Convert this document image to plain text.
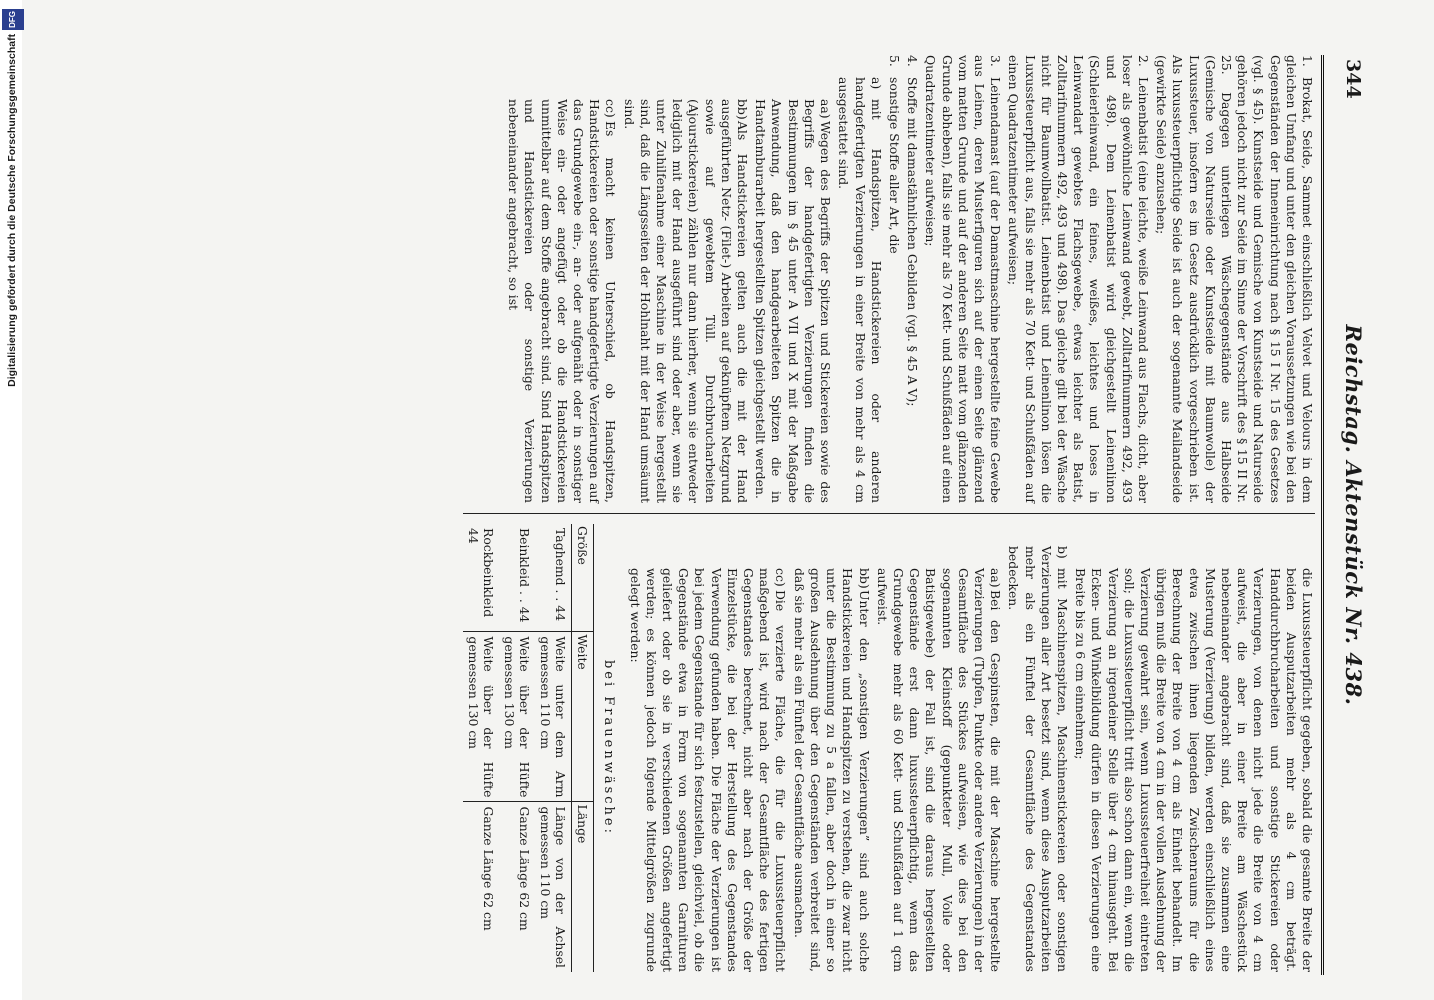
Digitalisierung gefördert durch die Deutsche ForschungsgemeinschaftDFG
344
Reichstag. Aktenstück Nr. 438.
1.Brokat, Seide, Sammet einschließlich Velvet und Velours in dem gleichen Umfang und unter den gleichen Voraussetzungen wie bei den Gegenständen der Inneneinrichtung nach § 15 I Nr. 15 des Gesetzes (vgl. § 45). Kunstseide und Gemische von Kunstseide und Naturseide gehören jedoch nicht zur Seide im Sinne der Vorschrift des § 15 II Nr. 25. Dagegen unterliegen Wäschegegenstände aus Halbseide (Gemische von Naturseide oder Kunstseide mit Baumwolle) der Luxussteuer, insofern es im Gesetz ausdrücklich vorgeschrieben ist. Als luxussteuerpflichtige Seide ist auch der sogenannte Mailandseide (gewirkte Seide) anzusehen;
2.Leinenbatist (eine leichte, weiße Leinwand aus Flachs, dicht, aber loser als gewöhnliche Leinwand gewebt, Zolltarifnummern 492, 493 und 498). Dem Leinenbatist wird gleichgestellt Leinenlinon (Schleierleinwand, ein feines, weißes, leichtes und loses in Leinwandart gewebtes Flachsgewebe, etwas leichter als Batist, Zolltarifnummern 492, 493 und 498). Das gleiche gilt bei der Wäsche nicht für Baumwollbatist. Leinenbatist und Leinenlinon lösen die Luxussteuerpflicht aus, falls sie mehr als 70 Kett- und Schußfäden auf einen Quadratzentimeter aufweisen;
3.Leinendamast (auf der Damastmaschine hergestellte feine Gewebe aus Leinen, deren Musterfiguren sich auf der einen Seite glänzend vom matten Grunde und auf der anderen Seite matt vom glänzenden Grunde abheben), falls sie mehr als 70 Kett- und Schußfäden auf einen Quadratzentimeter aufweisen;
4.Stoffe mit damastähnlichen Gebilden (vgl. § 45 A V);
5.sonstige Stoffe aller Art, die
a)mit Handspitzen, Handstickereien oder anderen handgefertigten Verzierungen in einer Breite von mehr als 4 cm ausgestattet sind.
aa)Wegen des Begriffs der Spitzen und Stickereien sowie des Begriffs der handgefertigten Verzierungen finden die Bestimmungen im § 45 unter A VII und X mit der Maßgabe Anwendung, daß den handgearbeiteten Spitzen die in Handtamburarbeit hergestellten Spitzen gleichgestellt werden.
bb)Als Handstickereien gelten auch die mit der Hand ausgeführten Netz- (Filet-) Arbeiten auf geknüpftem Netzgrund sowie auf gewebtem Tüll. Durchbrucharbeiten (Ajourstickereien) zählen nur dann hierher, wenn sie entweder lediglich mit der Hand ausgeführt sind oder aber, wenn sie unter Zuhilfenahme einer Maschine in der Weise hergestellt sind, daß die Längsseiten der Hohlnaht mit der Hand umsäumt sind.
cc)Es macht keinen Unterschied, ob Handspitzen, Handstickereien oder sonstige handgefertigte Verzierungen auf das Grundgewebe ein-, an- oder aufgenäht oder in sonstiger Weise ein- oder angefügt oder ob die Handstickereien unmittelbar auf dem Stoffe angebracht sind. Sind Handspitzen und Handstickereien oder sonstige Verzierungen nebeneinander angebracht, so ist
die Luxussteuerpflicht gegeben, sobald die gesamte Breite der beiden Ausputzarbeiten mehr als 4 cm beträgt. Handdurchbrucharbeiten und sonstige Stickereien oder Verzierungen, von denen nicht jede die Breite von 4 cm aufweist, die aber in einer Breite am Wäschestück nebeneinander angebracht sind, daß sie zusammen eine Musterung (Verzierung) bilden, werden einschließlich eines etwa zwischen ihnen liegenden Zwischenraums für die Berechnung der Breite von 4 cm als Einheit behandelt. Im übrigen muß die Breite von 4 cm in der vollen Ausdehnung der Verzierung gewahrt sein, wenn Luxussteuerfreiheit eintreten soll; die Luxussteuerpflicht tritt also schon dann ein, wenn die Verzierung an irgendeiner Stelle über 4 cm hinausgeht. Bei Ecken- und Winkelbildung dürfen in diesen Verzierungen eine Breite bis zu 6 cm einnehmen;
b)mit Maschinenspitzen, Maschinenstickereien oder sonstigen Verzierungen aller Art besetzt sind, wenn diese Ausputzarbeiten mehr als ein Fünftel der Gesamtfläche des Gegenstandes bedecken.
aa)Bei den Gespinsten, die mit der Maschine hergestellte Verzierungen (Tupfen, Punkte oder andere Verzierungen) in der Gesamtfläche des Stückes aufweisen, wie dies bei den sogenannten Kleinstoff (gepunkteter Mull, Voile oder Batistgewebe) der Fall ist, sind die daraus hergestellten Gegenstände erst dann luxussteuerpflichtig, wenn das Grundgewebe mehr als 60 Kett- und Schußfäden auf 1 qcm aufweist.
bb)Unter den „sonstigen Verzierungen” sind auch solche Handstickereien und Handspitzen zu verstehen, die zwar nicht unter die Bestimmung zu 5 a fallen, aber doch in einer so großen Ausdehnung über den Gegenständen verbreitet sind, daß sie mehr als ein Fünftel der Gesamtfläche ausmachen.
cc)Die verzierte Fläche, die für die Luxussteuerpflicht maßgebend ist, wird nach der Gesamtfläche des fertigen Gegenstandes berechnet, nicht aber nach der Größe der Einzelstücke, die bei der Herstellung des Gegenstandes Verwendung gefunden haben. Die Fläche der Verzierungen ist bei jedem Gegenstande für sich festzustellen, gleichviel, ob die Gegenstände etwa in Form von sogenannten Garnituren geliefert oder ob sie in verschiedenen Größen angefertigt werden; es können jedoch folgende Mittelgrößen zugrunde gelegt werden:
bei Frauenwäsche:
Größe	Weite	Länge
Taghemd . . 44	Weite unter dem Arm gemessen 110 cm	Länge von der Achsel gemessen 110 cm
Beinkleid . . 44	Weite über der Hüfte gemessen 130 cm	Ganze Länge 62 cm
Rockbeinkleid 44	Weite über der Hüfte gemessen 130 cm	Ganze Länge 62 cm
